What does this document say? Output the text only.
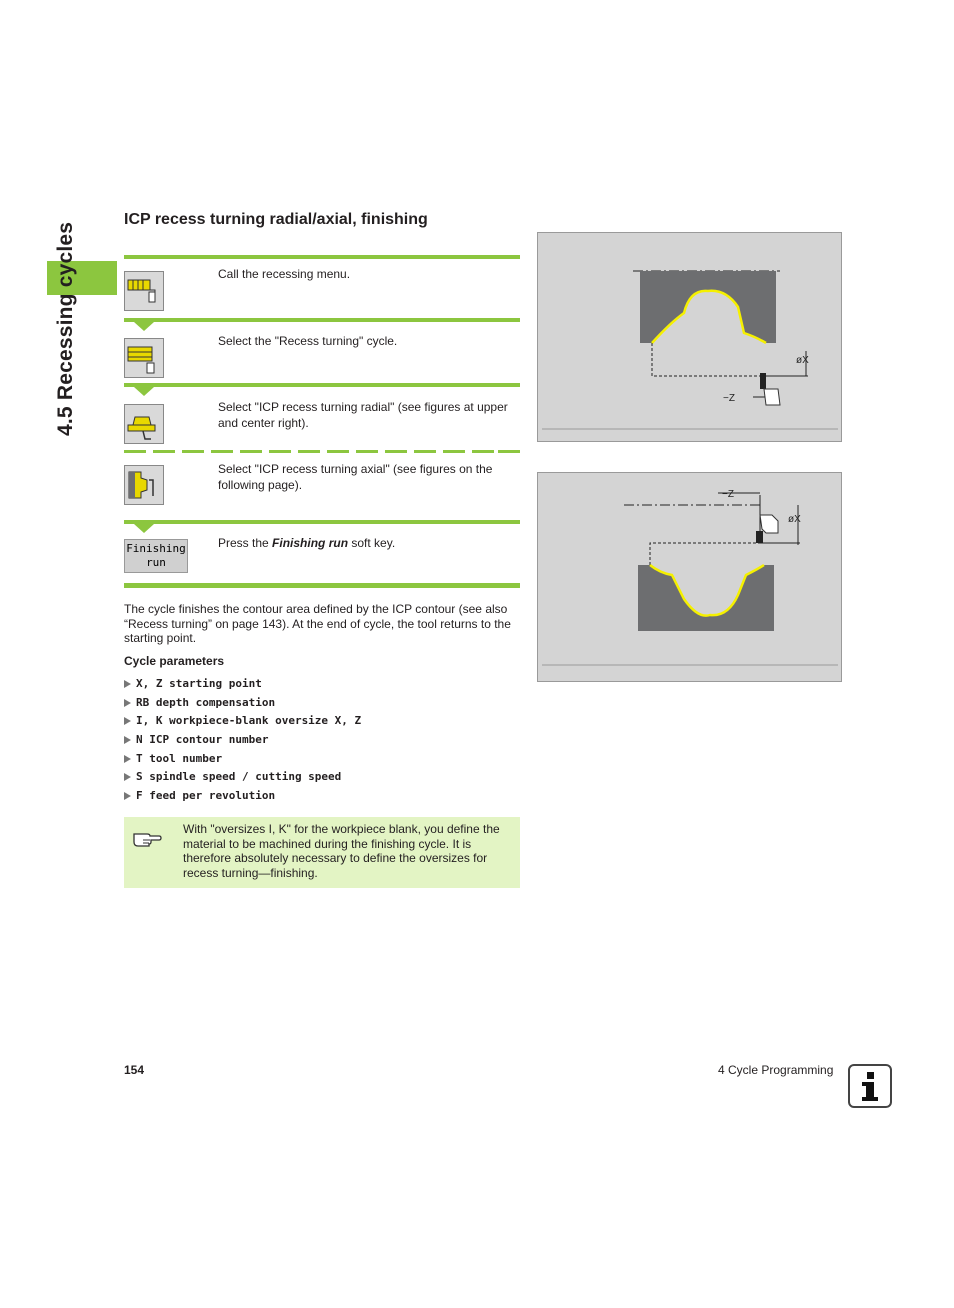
4.5 Recessing cycles
ICP recess turning radial/axial, finishing
Call the recessing menu.
Select the "Recess turning" cycle.
Select "ICP recess turning radial" (see figures at upper and center right).
Select "ICP recess turning axial" (see figures on the following page).
Finishing
run
Press the Finishing run soft key.
The cycle finishes the contour area defined by the ICP contour (see also “Recess turning” on page 143). At the end of cycle, the tool returns to the starting point.
Cycle parameters
X, Z starting point
RB depth compensation
I, K workpiece-blank oversize X, Z
N ICP contour number
T tool number
S spindle speed / cutting speed
F feed per revolution
With "oversizes I, K" for the workpiece blank, you define the material to be machined during the finishing cycle. It is therefore absolutely necessary to define the oversizes for recess turning—finishing.
øX
−Z
−Z
øX
154	4 Cycle Programming
